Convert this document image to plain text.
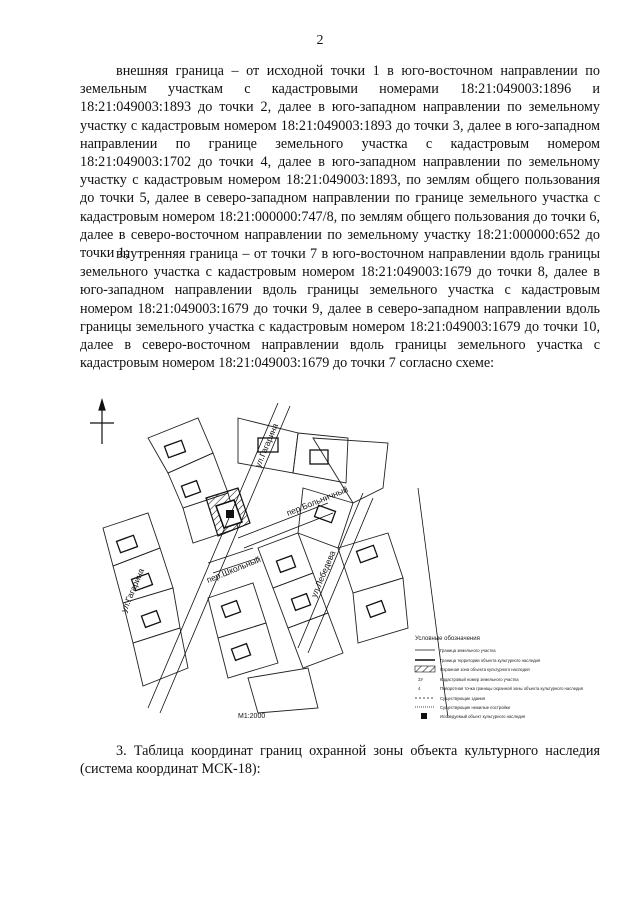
2

внешняя граница – от исходной точки 1 в юго-восточном направлении по земельным участкам с кадастровыми номерами 18:21:049003:1896 и 18:21:049003:1893 до точки 2, далее в юго-западном направлении по земельному участку с кадастровым номером 18:21:049003:1893 до точки 3, далее в юго-западном направлении по границе земельного участка с кадастровым номером 18:21:049003:1702 до точки 4, далее в юго-западном направлении по земельному участку с кадастровым номером 18:21:049003:1893, по землям общего пользования до точки 5, далее в северо-западном направлении по границе земельного участка с кадастровым номером 18:21:000000:747/8, по землям общего пользования до точки 6, далее в северо-восточном направлении по земельному участку 18:21:000000:652 до точки 1;

внутренняя граница – от точки 7 в юго-восточном направлении вдоль границы земельного участка с кадастровым номером 18:21:049003:1679 до точки 8, далее в юго-западном направлении вдоль границы земельного участка с кадастровым номером 18:21:049003:1679 до точки 9, далее в северо-западном направлении вдоль границы земельного участка с кадастровым номером 18:21:049003:1679 до точки 10, далее в северо-восточном направлении вдоль границы земельного участка с кадастровым номером 18:21:049003:1679 до точки 7 согласно схеме:

ул.Гагарина
ул.Гагарина
пер.Больничный
пер.Школьный	ул.Лебедева
М1:2000
Условные обозначения
Граница земельного участка
Граница территории объекта культурного наследия
Охранная зона объекта культурного наследия
ЗУ	Кадастровый номер земельного участка
4	Поворотная точка границы охранной зоны объекта культурного наследия
Существующие здания
Существующие нежилые постройки
Исследуемый объект культурного наследия

3. Таблица координат границ охранной зоны объекта культурного наследия (система координат МСК-18):
